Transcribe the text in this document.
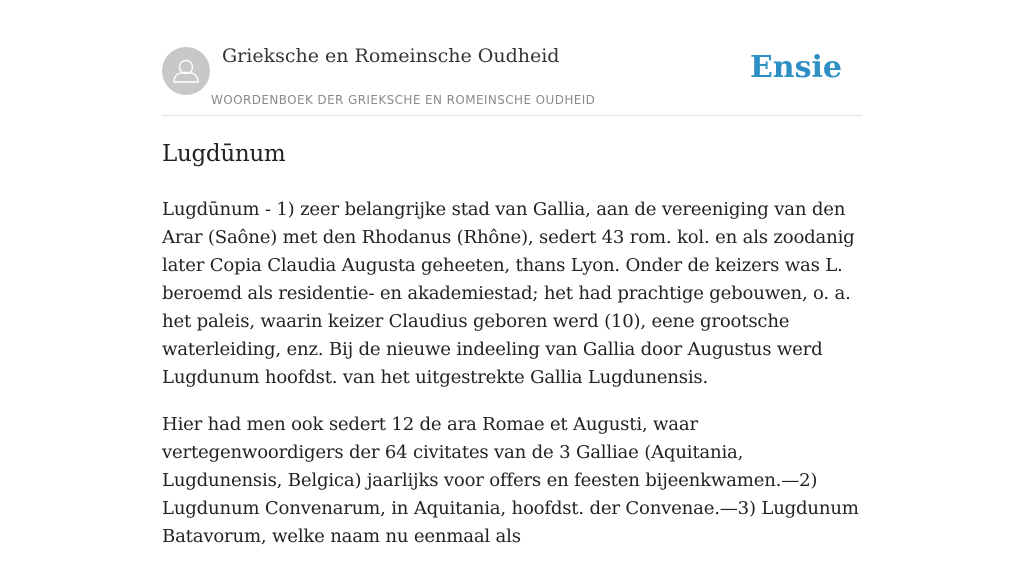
Grieksche en Romeinsche Oudheid
WOORDENBOEK DER GRIEKSCHE EN ROMEINSCHE OUDHEID
Ensie
Lugdūnum

Lugdūnum - 1) zeer belangrijke stad van Gallia, aan de vereeniging van den Arar (Saône) met den Rhodanus (Rhône), sedert 43 rom. kol. en als zoodanig later Copia Claudia Augusta geheeten, thans Lyon. Onder de keizers was L. beroemd als residentie- en akademiestad; het had prachtige gebouwen, o. a. het paleis, waarin keizer Claudius geboren werd (10), eene grootsche waterleiding, enz. Bij de nieuwe indeeling van Gallia door Augustus werd Lugdunum hoofdst. van het uitgestrekte Gallia Lugdunensis.

Hier had men ook sedert 12 de ara Romae et Augusti, waar vertegenwoordigers der 64 civitates van de 3 Galliae (Aquitania, Lugdunensis, Belgica) jaarlijks voor offers en feesten bijeenkwamen.—2) Lugdunum Convenarum, in Aquitania, hoofdst. der Convenae.—3) Lugdunum Batavorum, welke naam nu eenmaal als
